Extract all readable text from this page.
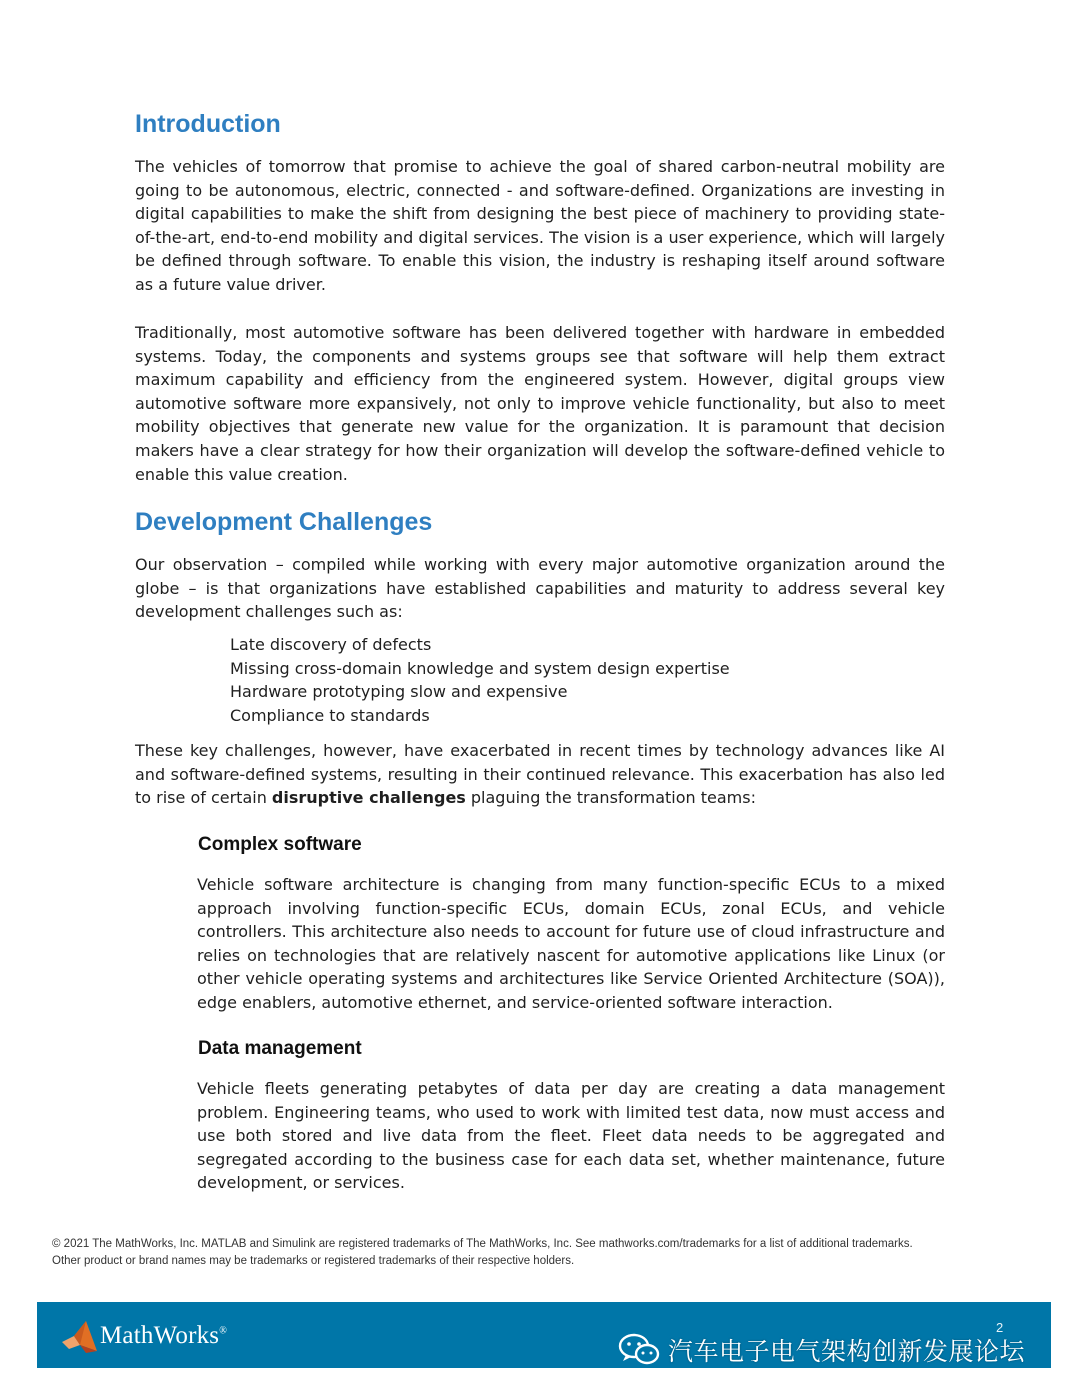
Introduction

The vehicles of tomorrow that promise to achieve the goal of shared carbon-neutral mobility are going to be autonomous, electric, connected - and software-defined. Organizations are investing in digital capabilities to make the shift from designing the best piece of machinery to providing state-of-the-art, end-to-end mobility and digital services. The vision is a user experience, which will largely be defined through software. To enable this vision, the industry is reshaping itself around software as a future value driver.

Traditionally, most automotive software has been delivered together with hardware in embedded systems. Today, the components and systems groups see that software will help them extract maximum capability and efficiency from the engineered system. However, digital groups view automotive software more expansively, not only to improve vehicle functionality, but also to meet mobility objectives that generate new value for the organization. It is paramount that decision makers have a clear strategy for how their organization will develop the software-defined vehicle to enable this value creation.

Development Challenges

Our observation – compiled while working with every major automotive organization around the globe – is that organizations have established capabilities and maturity to address several key development challenges such as:

Late discovery of defects
Missing cross-domain knowledge and system design expertise
Hardware prototyping slow and expensive
Compliance to standards

These key challenges, however, have exacerbated in recent times by technology advances like AI and software-defined systems, resulting in their continued relevance. This exacerbation has also led to rise of certain disruptive challenges plaguing the transformation teams:

Complex software

Vehicle software architecture is changing from many function-specific ECUs to a mixed approach involving function-specific ECUs, domain ECUs, zonal ECUs, and vehicle controllers. This architecture also needs to account for future use of cloud infrastructure and relies on technologies that are relatively nascent for automotive applications like Linux (or other vehicle operating systems and architectures like Service Oriented Architecture (SOA)), edge enablers, automotive ethernet, and service-oriented software interaction.

Data management

Vehicle fleets generating petabytes of data per day are creating a data management problem. Engineering teams, who used to work with limited test data, now must access and use both stored and live data from the fleet. Fleet data needs to be aggregated and segregated according to the business case for each data set, whether maintenance, future development, or services.

© 2021 The MathWorks, Inc. MATLAB and Simulink are registered trademarks of The MathWorks, Inc. See mathworks.com/trademarks for a list of additional trademarks.
Other product or brand names may be trademarks or registered trademarks of their respective holders.
MathWorks®
汽车电子电气架构创新发展论坛
2
